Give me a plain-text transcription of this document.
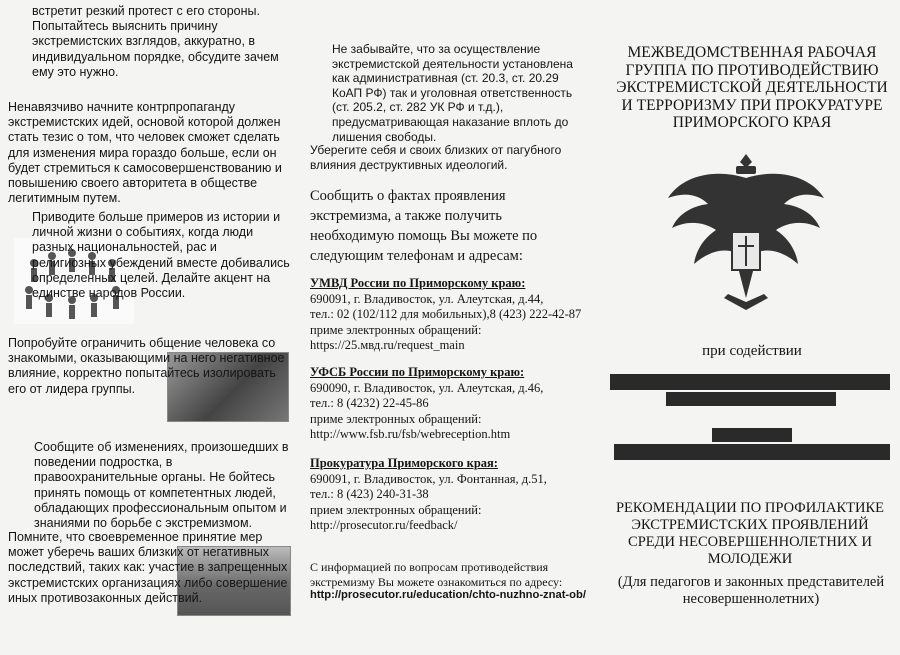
встретит резкий протест с его стороны. Попытайтесь выяснить причину экстремистских взглядов, аккуратно, в индивидуальном порядке, обсудите зачем ему это нужно.

Ненавязчиво начните контрпропаганду экстремистских идей, основой которой должен стать тезис о том, что человек сможет сделать для изменения мира гораздо больше, если он будет стремиться к самосовершенствованию и повышению своего авторитета в обществе легитимным путем.

Приводите больше примеров из истории и личной жизни о событиях, когда люди разных национальностей, рас и религиозных убеждений вместе добивались определенных целей. Делайте акцент на единстве народов России.

Попробуйте ограничить общение человека со знакомыми, оказывающими на него негативное влияние, корректно попытайтесь изолировать его от лидера группы.

Сообщите об изменениях, произошедших в поведении подростка, в правоохранительные органы. Не бойтесь принять помощь от компетентных людей, обладающих профессиональным опытом и знаниями по борьбе с экстремизмом.

Помните, что своевременное принятие мер может уберечь ваших близких от негативных последствий, таких как: участие в запрещенных экстремистских организациях либо совершение иных противозаконных действий.

Не забывайте, что за осуществление экстремистской деятельности установлена как административная (ст. 20.3, ст. 20.29 КоАП РФ) так и уголовная ответственность (ст. 205.2, ст. 282 УК РФ и т.д.), предусматривающая наказание вплоть до лишения свободы.

Уберегите себя и своих близких от пагубного влияния деструктивных идеологий.

Сообщить о фактах проявления экстремизма, а также получить необходимую помощь Вы можете по следующим телефонам и адресам:

УМВД России по Приморскому краю:
690091, г. Владивосток, ул. Алеутская, д.44,
тел.: 02 (102/112 для мобильных),8 (423) 222-42-87
приме электронных обращений:
https://25.мвд.ru/request_main
УФСБ России по Приморскому краю:
690090, г. Владивосток, ул. Алеутская, д.46,
тел.: 8 (4232) 22-45-86
приме электронных обращений:
http://www.fsb.ru/fsb/webreception.htm
Прокуратура Приморского края:
690091, г. Владивосток, ул. Фонтанная, д.51,
тел.: 8 (423) 240-31-38
прием электронных обращений:
http://prosecutor.ru/feedback/

С информацией по вопросам противодействия экстремизму Вы можете ознакомиться по адресу:

http://prosecutor.ru/education/chto-nuzhno-znat-ob/

МЕЖВЕДОМСТВЕННАЯ РАБОЧАЯ ГРУППА ПО ПРОТИВОДЕЙСТВИЮ ЭКСТРЕМИСТСКОЙ ДЕЯТЕЛЬНОСТИ И ТЕРРОРИЗМУ ПРИ ПРОКУРАТУРЕ ПРИМОРСКОГО КРАЯ

при содействии

РЕКОМЕНДАЦИИ ПО ПРОФИЛАКТИКЕ ЭКСТРЕМИСТСКИХ ПРОЯВЛЕНИЙ СРЕДИ НЕСОВЕРШЕННОЛЕТНИХ И МОЛОДЕЖИ

(Для педагогов и законных представителей несовершеннолетних)
